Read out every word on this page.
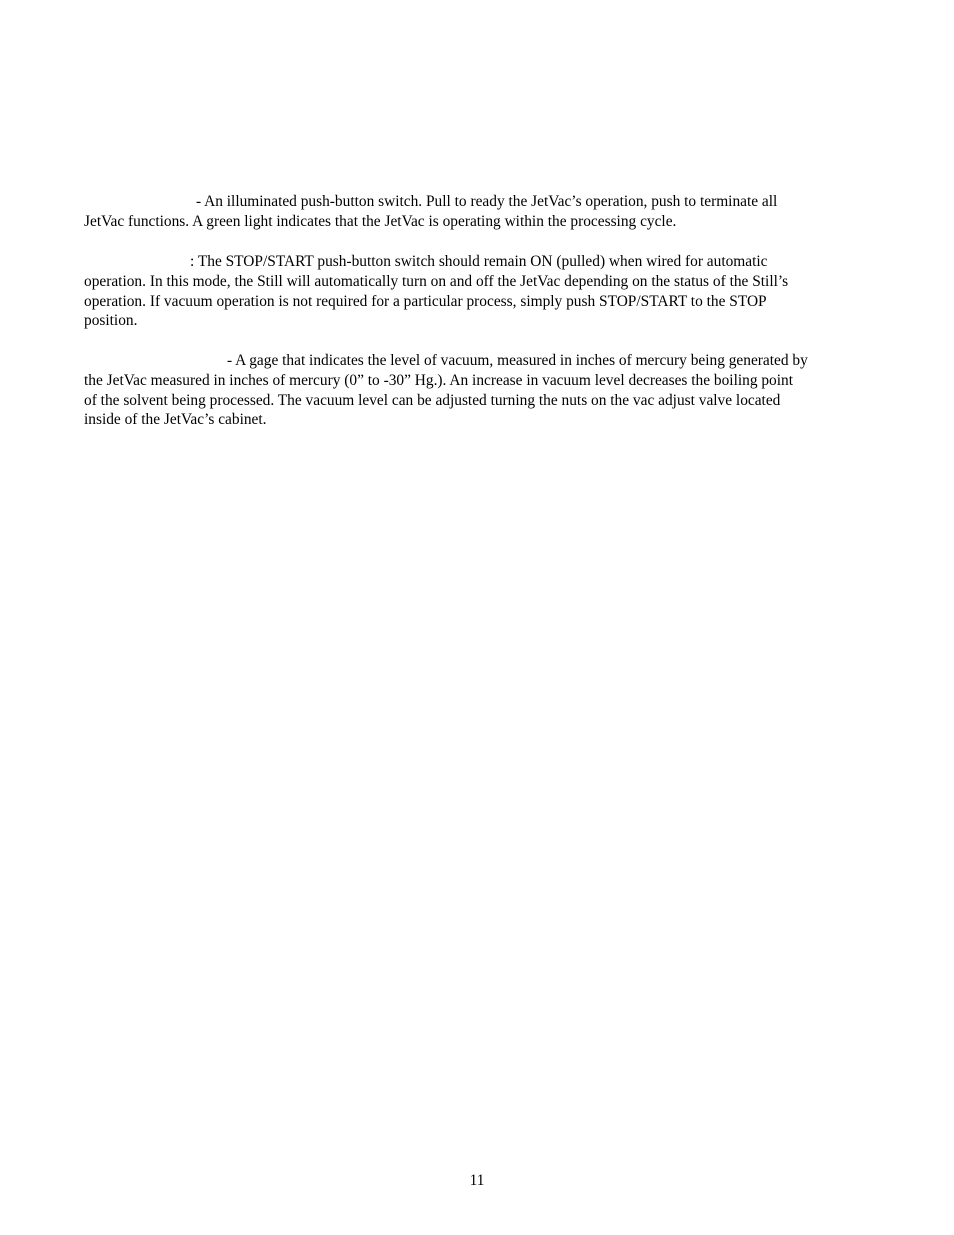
- An illuminated push-button switch. Pull to ready the JetVac’s operation, push to terminate all
JetVac functions. A green light indicates that the JetVac is operating within the processing cycle.

: The STOP/START push-button switch should remain ON (pulled) when wired for automatic
operation. In this mode, the Still will automatically turn on and off the JetVac depending on the status of the Still’s
operation. If vacuum operation is not required for a particular process, simply push STOP/START to the STOP
position.

- A gage that indicates the level of vacuum, measured in inches of mercury being generated by
the JetVac measured in inches of mercury (0” to -30” Hg.). An increase in vacuum level decreases the boiling point
of the solvent being processed. The vacuum level can be adjusted turning the nuts on the vac adjust valve located
inside of the JetVac’s cabinet.

11
